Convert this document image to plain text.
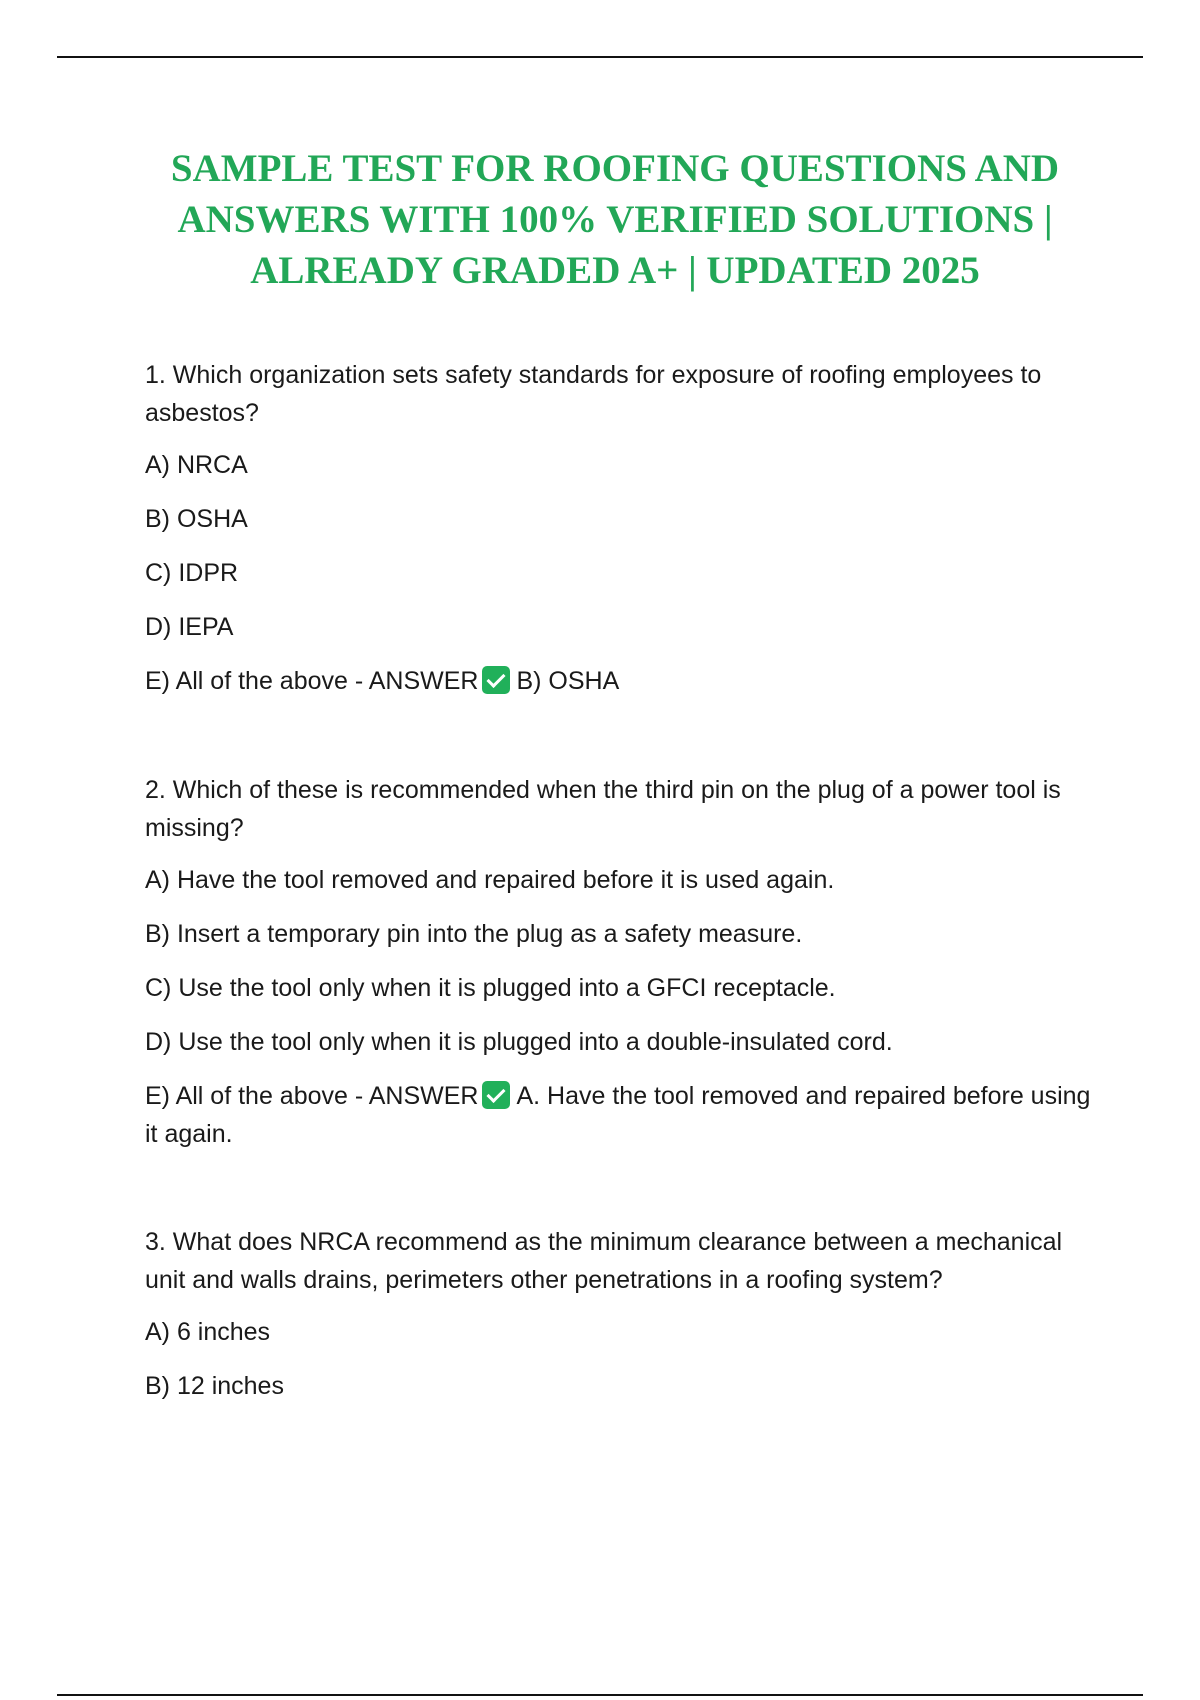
SAMPLE TEST FOR ROOFING QUESTIONS AND ANSWERS WITH 100% VERIFIED SOLUTIONS | ALREADY GRADED A+ | UPDATED 2025

1. Which organization sets safety standards for exposure of roofing employees to asbestos?

A) NRCA

B) OSHA

C) IDPR

D) IEPA

E) All of the above - ANSWER B) OSHA

2. Which of these is recommended when the third pin on the plug of a power tool is missing?

A) Have the tool removed and repaired before it is used again.

B) Insert a temporary pin into the plug as a safety measure.

C) Use the tool only when it is plugged into a GFCI receptacle.

D) Use the tool only when it is plugged into a double-insulated cord.

E) All of the above - ANSWER A. Have the tool removed and repaired before using it again.

3. What does NRCA recommend as the minimum clearance between a mechanical unit and walls drains, perimeters other penetrations in a roofing system?

A) 6 inches

B) 12 inches
